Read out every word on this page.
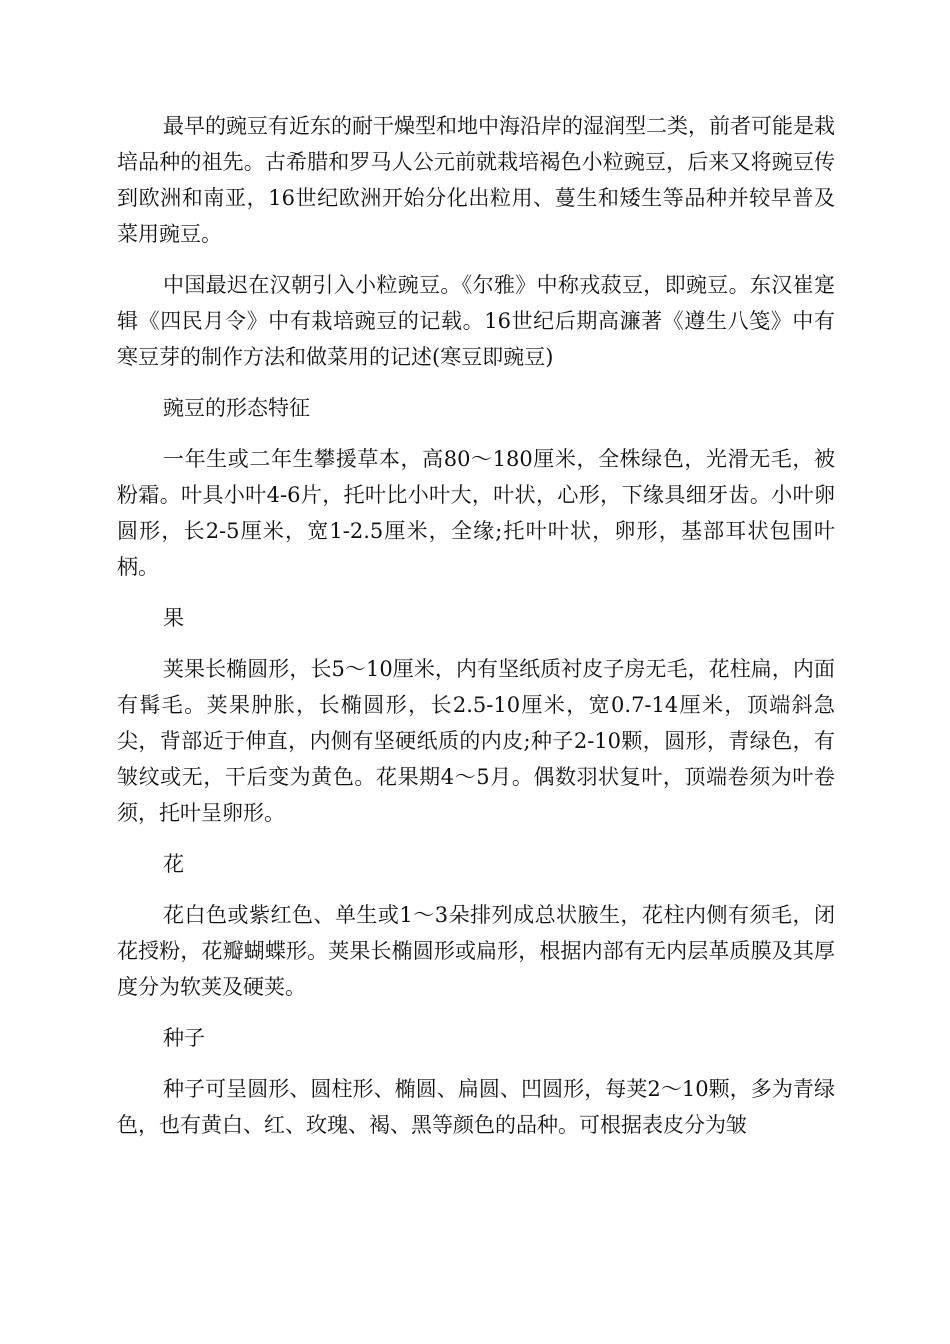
最早的豌豆有近东的耐干燥型和地中海沿岸的湿润型二类，前者可能是栽培品种的祖先。古希腊和罗马人公元前就栽培褐色小粒豌豆，后来又将豌豆传到欧洲和南亚，16世纪欧洲开始分化出粒用、蔓生和矮生等品种并较早普及菜用豌豆。

中国最迟在汉朝引入小粒豌豆。《尔雅》中称戎菽豆，即豌豆。东汉崔寔辑《四民月令》中有栽培豌豆的记载。16世纪后期高濂著《遵生八笺》中有寒豆芽的制作方法和做菜用的记述(寒豆即豌豆)

豌豆的形态特征

一年生或二年生攀援草本，高80～180厘米，全株绿色，光滑无毛，被粉霜。叶具小叶4-6片，托叶比小叶大，叶状，心形，下缘具细牙齿。小叶卵圆形，长2-5厘米，宽1-2.5厘米，全缘;托叶叶状，卵形，基部耳状包围叶柄。

果

荚果长椭圆形，长5～10厘米，内有坚纸质衬皮子房无毛，花柱扁，内面有髯毛。荚果肿胀，长椭圆形，长2.5-10厘米，宽0.7-14厘米，顶端斜急尖，背部近于伸直，内侧有坚硬纸质的内皮;种子2-10颗，圆形，青绿色，有皱纹或无，干后变为黄色。花果期4～5月。偶数羽状复叶，顶端卷须为叶卷须，托叶呈卵形。

花

花白色或紫红色、单生或1～3朵排列成总状腋生，花柱内侧有须毛，闭花授粉，花瓣蝴蝶形。荚果长椭圆形或扁形，根据内部有无内层革质膜及其厚度分为软荚及硬荚。

种子

种子可呈圆形、圆柱形、椭圆、扁圆、凹圆形，每荚2～10颗，多为青绿色，也有黄白、红、玫瑰、褐、黑等颜色的品种。可根据表皮分为皱
